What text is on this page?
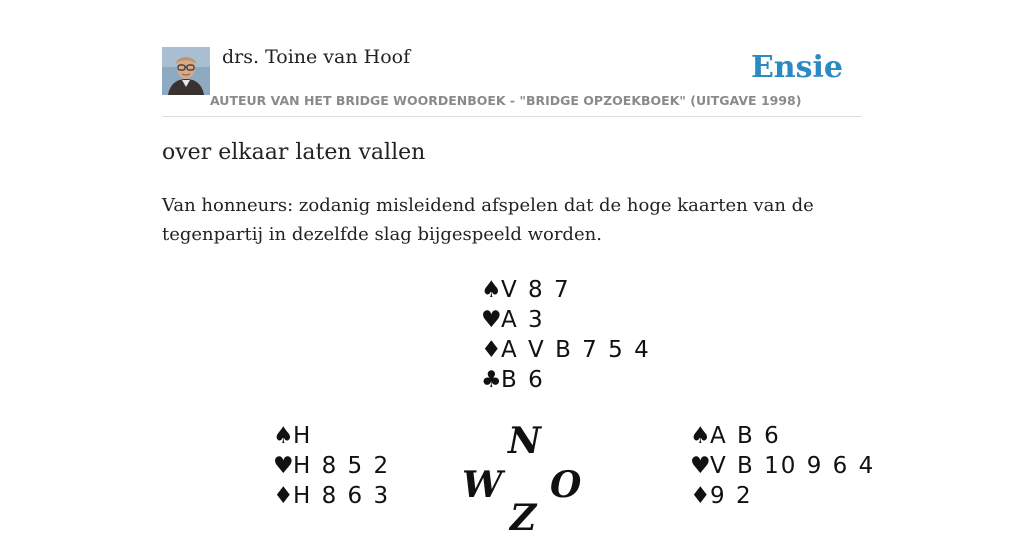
drs. Toine van Hoof
AUTEUR VAN HET BRIDGE WOORDENBOEK - "BRIDGE OPZOEKBOEK" (UITGAVE 1998)
Ensie
over elkaar laten vallen

Van honneurs: zodanig misleidend afspelen dat de hoge kaarten van de tegenpartij in dezelfde slag bijgespeeld worden.

♠V 8 7
♥A 3
♦A V B 7 5 4
♣B 6
♠H
♥H 8 5 2
♦H 8 6 3
N
W O
Z
♠A B 6
♥V B 10 9 6 4
♦9 2
